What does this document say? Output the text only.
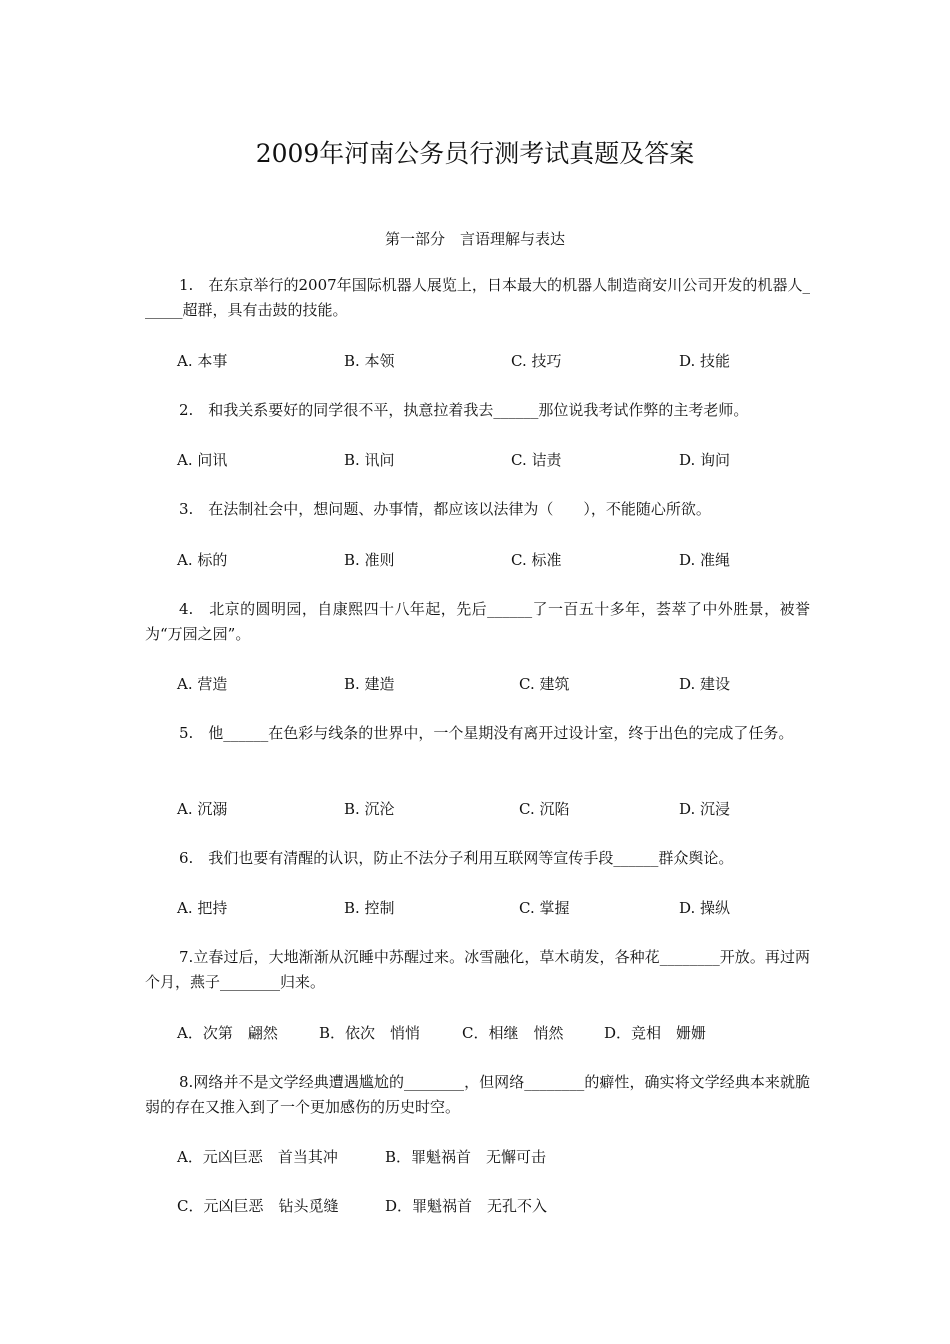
2009年河南公务员行测考试真题及答案
第一部分　言语理解与表达
1.　在东京举行的2007年国际机器人展览上，日本最大的机器人制造商安川公司开发的机器人______超群，具有击鼓的技能。
A. 本事	B. 本领	C. 技巧	D. 技能
2.　和我关系要好的同学很不平，执意拉着我去______那位说我考试作弊的主考老师。
A. 问讯	B. 讯问	C. 诘责	D. 询问
3.　在法制社会中，想问题、办事情，都应该以法律为（　　），不能随心所欲。
A. 标的	B. 准则	C. 标准	D. 准绳
4.　北京的圆明园，自康熙四十八年起，先后______了一百五十多年，荟萃了中外胜景，被誉为“万园之园”。
A. 营造	B. 建造	C. 建筑	D. 建设
5.　他______在色彩与线条的世界中，一个星期没有离开过设计室，终于出色的完成了任务。
A. 沉溺	B. 沉沦	C. 沉陷	D. 沉浸
6.　我们也要有清醒的认识，防止不法分子利用互联网等宣传手段______群众舆论。
A. 把持	B. 控制	C. 掌握	D. 操纵
7.立春过后，大地渐渐从沉睡中苏醒过来。冰雪融化，草木萌发，各种花________开放。再过两个月，燕子________归来。
A．次第　翩然	B．依次　悄悄	C．相继　悄然	D．竞相　姗姗
8.网络并不是文学经典遭遇尴尬的________，但网络________的癖性，确实将文学经典本来就脆弱的存在又推入到了一个更加感伤的历史时空。
A．元凶巨恶　首当其冲	B．罪魁祸首　无懈可击
C．元凶巨恶　钻头觅缝	D．罪魁祸首　无孔不入
